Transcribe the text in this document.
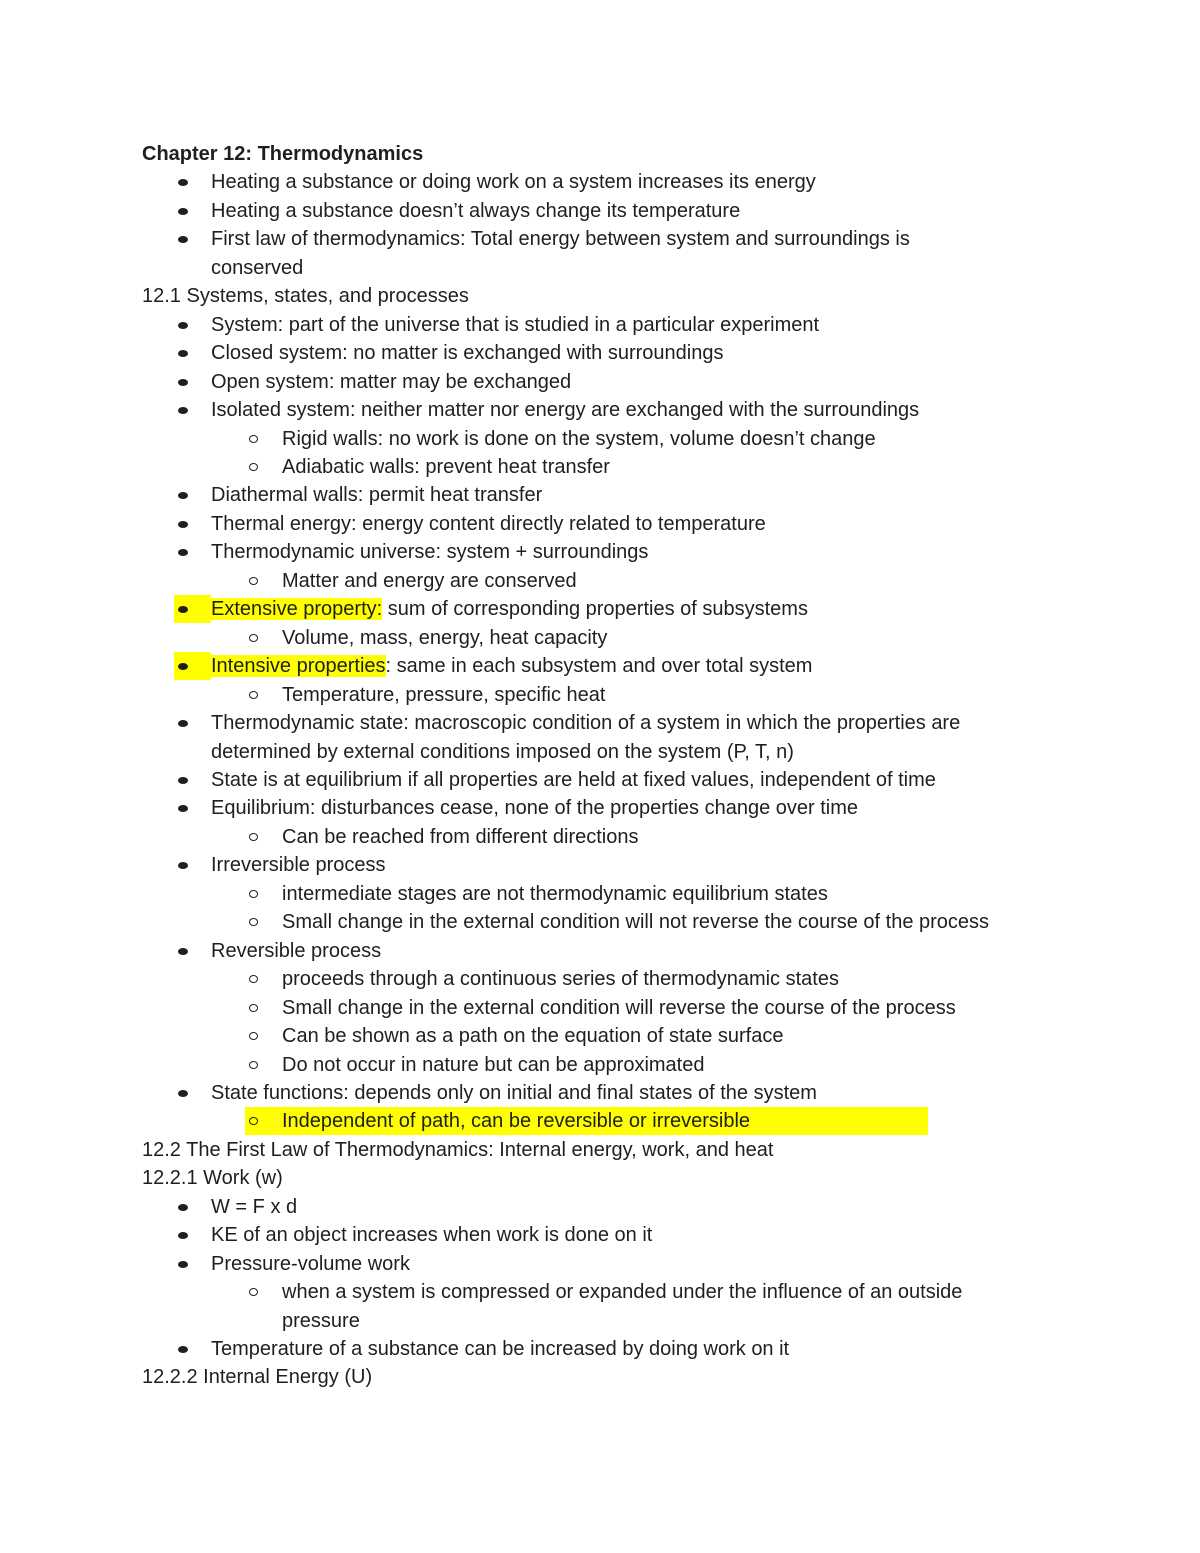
Chapter 12: Thermodynamics
Heating a substance or doing work on a system increases its energy
Heating a substance doesn’t always change its temperature
First law of thermodynamics: Total energy between system and surroundings is
conserved
12.1 Systems, states, and processes
System: part of the universe that is studied in a particular experiment
Closed system: no matter is exchanged with surroundings
Open system: matter may be exchanged
Isolated system: neither matter nor energy are exchanged with the surroundings
Rigid walls: no work is done on the system, volume doesn’t change
Adiabatic walls: prevent heat transfer
Diathermal walls: permit heat transfer
Thermal energy: energy content directly related to temperature
Thermodynamic universe: system + surroundings
Matter and energy are conserved
Extensive property: sum of corresponding properties of subsystems
Volume, mass, energy, heat capacity
Intensive properties: same in each subsystem and over total system
Temperature, pressure, specific heat
Thermodynamic state: macroscopic condition of a system in which the properties are
determined by external conditions imposed on the system (P, T, n)
State is at equilibrium if all properties are held at fixed values, independent of time
Equilibrium: disturbances cease, none of the properties change over time
Can be reached from different directions
Irreversible process
intermediate stages are not thermodynamic equilibrium states
Small change in the external condition will not reverse the course of the process
Reversible process
proceeds through a continuous series of thermodynamic states
Small change in the external condition will reverse the course of the process
Can be shown as a path on the equation of state surface
Do not occur in nature but can be approximated
State functions: depends only on initial and final states of the system
Independent of path, can be reversible or irreversible
12.2 The First Law of Thermodynamics: Internal energy, work, and heat
12.2.1 Work (w)
W = F x d
KE of an object increases when work is done on it
Pressure-volume work
when a system is compressed or expanded under the influence of an outside
pressure
Temperature of a substance can be increased by doing work on it
12.2.2 Internal Energy (U)
